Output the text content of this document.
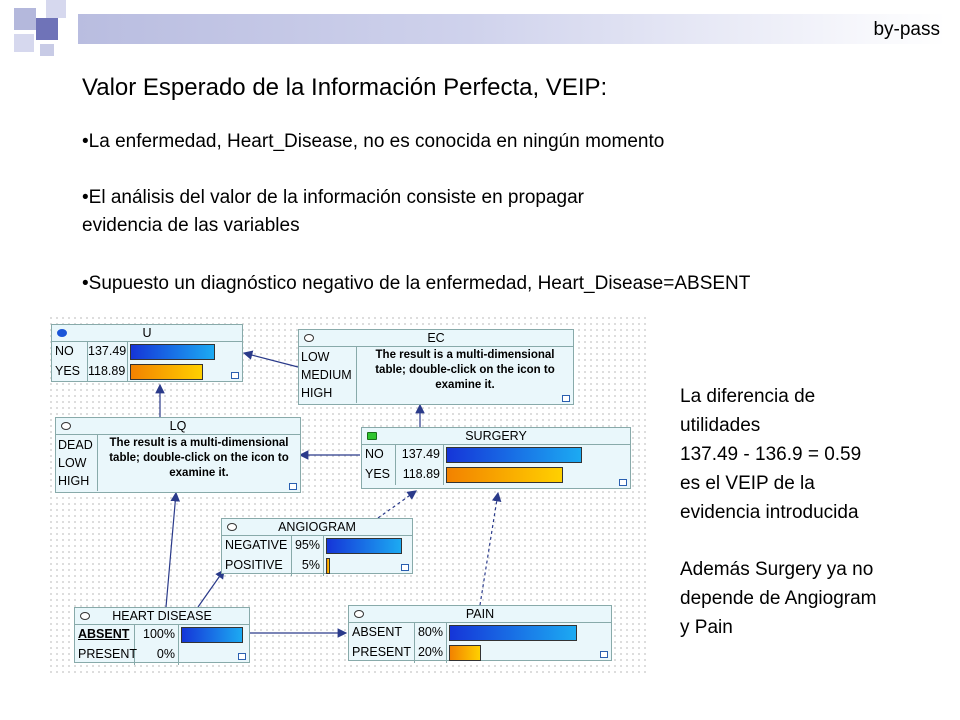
by-pass
Valor Esperado de la Información Perfecta, VEIP:
•La enfermedad, Heart_Disease, no es conocida en ningún momento
•El análisis del valor de la información consiste en propagar
evidencia de las variables
•Supuesto un diagnóstico negativo de la enfermedad, Heart_Disease=ABSENT
U
NO	137.49
YES 118.89
EC
LOW
MEDIUM
HIGH
The result is a multi-dimensional table; double-click on the icon to examine it.
LQ
DEAD
LOW
HIGH
The result is a multi-dimensional table; double-click on the icon to examine it.
SURGERY
NO	137.49
YES	118.89
ANGIOGRAM
NEGATIVE 95%
POSITIVE	5%
HEART DISEASE
ABSENT	100%
PRESENT	0%
PAIN
ABSENT	80%
PRESENT 20%
La diferencia de
utilidades
137.49 - 136.9 = 0.59
es el VEIP de la
evidencia introducida
Además Surgery ya no
depende de Angiogram
y Pain
